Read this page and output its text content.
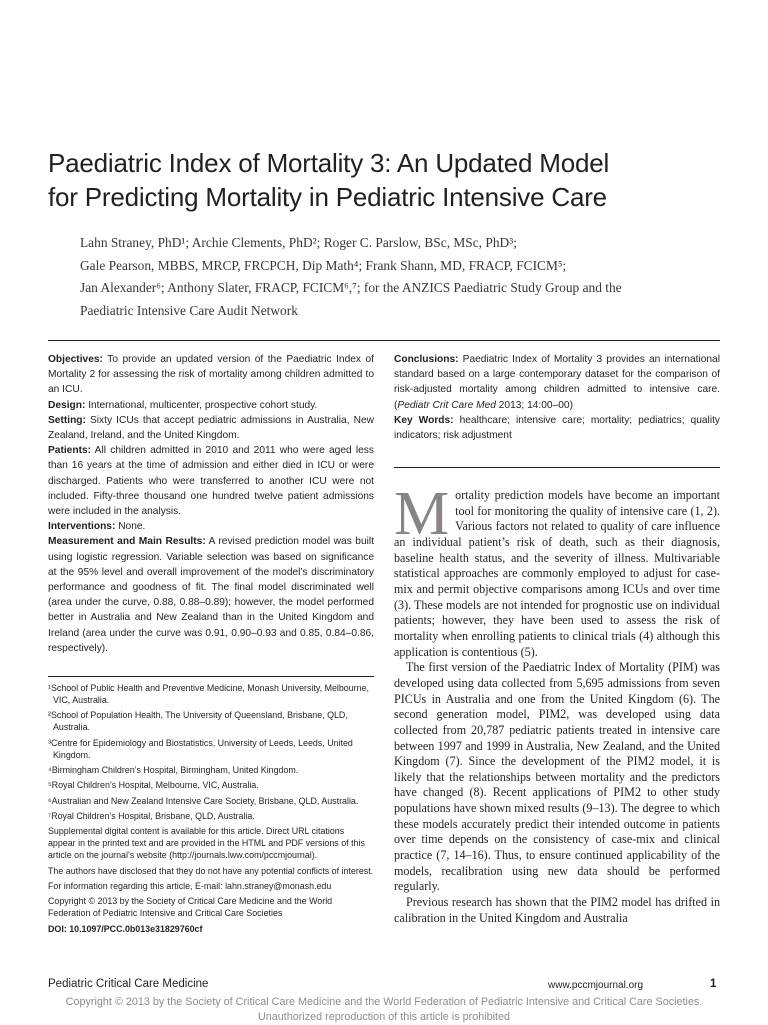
Paediatric Index of Mortality 3: An Updated Model
for Predicting Mortality in Pediatric Intensive Care

Lahn Straney, PhD¹; Archie Clements, PhD²; Roger C. Parslow, BSc, MSc, PhD³;

Gale Pearson, MBBS, MRCP, FRCPCH, Dip Math⁴; Frank Shann, MD, FRACP, FCICM⁵;

Jan Alexander⁶; Anthony Slater, FRACP, FCICM⁶,⁷; for the ANZICS Paediatric Study Group and the

Paediatric Intensive Care Audit Network

Objectives: To provide an updated version of the Paediatric Index of Mortality 2 for assessing the risk of mortality among children admitted to an ICU.

Design: International, multicenter, prospective cohort study.

Setting: Sixty ICUs that accept pediatric admissions in Australia, New Zealand, Ireland, and the United Kingdom.

Patients: All children admitted in 2010 and 2011 who were aged less than 16 years at the time of admission and either died in ICU or were discharged. Patients who were transferred to another ICU were not included. Fifty-three thousand one hundred twelve patient admissions were included in the analysis.

Interventions: None.

Measurement and Main Results: A revised prediction model was built using logistic regression. Variable selection was based on significance at the 95% level and overall improvement of the model’s discriminatory performance and goodness of fit. The final model discriminated well (area under the curve, 0.88, 0.88–0.89); however, the model performed better in Australia and New Zealand than in the United Kingdom and Ireland (area under the curve was 0.91, 0.90–0.93 and 0.85, 0.84–0.86, respectively).

Conclusions: Paediatric Index of Mortality 3 provides an international standard based on a large contemporary dataset for the comparison of risk-adjusted mortality among children admitted to intensive care. (Pediatr Crit Care Med 2013; 14:00–00)

Key Words: healthcare; intensive care; mortality; pediatrics; quality indicators; risk adjustment

¹School of Public Health and Preventive Medicine, Monash University, Melbourne, VIC, Australia.

²School of Population Health, The University of Queensland, Brisbane, QLD, Australia.

³Centre for Epidemiology and Biostatistics, University of Leeds, Leeds, United Kingdom.

⁴Birmingham Children’s Hospital, Birmingham, United Kingdom.

⁵Royal Children’s Hospital, Melbourne, VIC, Australia.

⁶Australian and New Zealand Intensive Care Society, Brisbane, QLD, Australia.

⁷Royal Children’s Hospital, Brisbane, QLD, Australia.

Supplemental digital content is available for this article. Direct URL citations appear in the printed text and are provided in the HTML and PDF versions of this article on the journal’s website (http://journals.lww.com/pccmjournal).

The authors have disclosed that they do not have any potential conflicts of interest.

For information regarding this article, E-mail: lahn.straney@monash.edu

Copyright © 2013 by the Society of Critical Care Medicine and the World Federation of Pediatric Intensive and Critical Care Societies

DOI: 10.1097/PCC.0b013e31829760cf

Mortality prediction models have become an important tool for monitoring the quality of intensive care (1, 2). Various factors not related to quality of care influence an individual patient’s risk of death, such as their diagnosis, baseline health status, and the severity of illness. Multivariable statistical approaches are commonly employed to adjust for case-mix and permit objective comparisons among ICUs and over time (3). These models are not intended for prognostic use on individual patients; however, they have been used to assess the risk of mortality when enrolling patients to clinical trials (4) although this application is contentious (5).

The first version of the Paediatric Index of Mortality (PIM) was developed using data collected from 5,695 admissions from seven PICUs in Australia and one from the United Kingdom (6). The second generation model, PIM2, was developed using data collected from 20,787 pediatric patients treated in intensive care between 1997 and 1999 in Australia, New Zealand, and the United Kingdom (7). Since the development of the PIM2 model, it is likely that the relationships between mortality and the predictors have changed (8). Recent applications of PIM2 to other study populations have shown mixed results (9–13). The degree to which these models accurately predict their intended outcome in patients over time depends on the consistency of case-mix and clinical practice (7, 14–16). Thus, to ensure continued applicability of the models, recalibration using new data should be performed regularly.

Previous research has shown that the PIM2 model has drifted in calibration in the United Kingdom and Australia

Pediatric Critical Care Medicine	www.pccmjournal.org	1
Copyright © 2013 by the Society of Critical Care Medicine and the World Federation of Pediatric Intensive and Critical Care Societies.
Unauthorized reproduction of this article is prohibited
